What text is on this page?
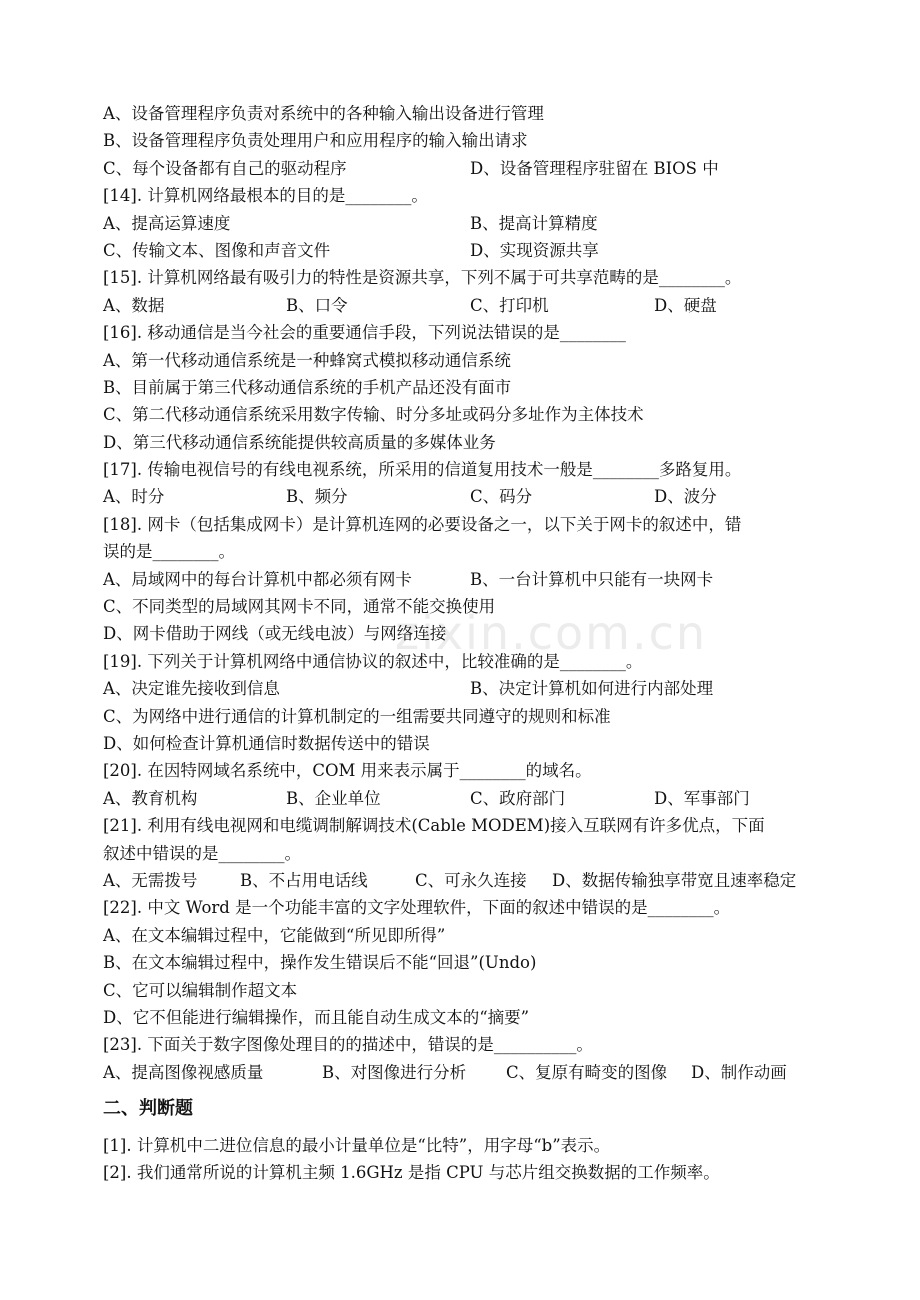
zixin.com.cn
A、设备管理程序负责对系统中的各种输入输出设备进行管理
B、设备管理程序负责处理用户和应用程序的输入输出请求
C、每个设备都有自己的驱动程序	D、设备管理程序驻留在 BIOS 中
[14]. 计算机网络最根本的目的是________。
A、提高运算速度	B、提高计算精度
C、传输文本、图像和声音文件	D、实现资源共享
[15]. 计算机网络最有吸引力的特性是资源共享，下列不属于可共享范畴的是________。
A、数据	B、口令	C、打印机	D、硬盘
[16]. 移动通信是当今社会的重要通信手段，下列说法错误的是________
A、第一代移动通信系统是一种蜂窝式模拟移动通信系统
B、目前属于第三代移动通信系统的手机产品还没有面市
C、第二代移动通信系统采用数字传输、时分多址或码分多址作为主体技术
D、第三代移动通信系统能提供较高质量的多媒体业务
[17]. 传输电视信号的有线电视系统，所采用的信道复用技术一般是________多路复用。
A、时分	B、频分	C、码分	D、波分
[18]. 网卡（包括集成网卡）是计算机连网的必要设备之一，以下关于网卡的叙述中，错
误的是________。
A、局域网中的每台计算机中都必须有网卡	B、一台计算机中只能有一块网卡
C、不同类型的局域网其网卡不同，通常不能交换使用
D、网卡借助于网线（或无线电波）与网络连接
[19]. 下列关于计算机网络中通信协议的叙述中，比较准确的是________。
A、决定谁先接收到信息	B、决定计算机如何进行内部处理
C、为网络中进行通信的计算机制定的一组需要共同遵守的规则和标准
D、如何检查计算机通信时数据传送中的错误
[20]. 在因特网域名系统中，COM 用来表示属于________的域名。
A、教育机构	B、企业单位	C、政府部门	D、军事部门
[21]. 利用有线电视网和电缆调制解调技术(Cable MODEM)接入互联网有许多优点，下面
叙述中错误的是________。
A、无需拨号	B、不占用电话线	C、可永久连接 D、数据传输独享带宽且速率稳定
[22]. 中文 Word 是一个功能丰富的文字处理软件，下面的叙述中错误的是________。
A、在文本编辑过程中，它能做到“所见即所得”
B、在文本编辑过程中，操作发生错误后不能“回退”(Undo)
C、它可以编辑制作超文本
D、它不但能进行编辑操作，而且能自动生成文本的“摘要”
[23]. 下面关于数字图像处理目的的描述中，错误的是__________。
A、提高图像视感质量	B、对图像进行分析 C、复原有畸变的图像 D、制作动画
二、判断题
[1]. 计算机中二进位信息的最小计量单位是“比特”，用字母“b”表示。
[2]. 我们通常所说的计算机主频 1.6GHz 是指 CPU 与芯片组交换数据的工作频率。
